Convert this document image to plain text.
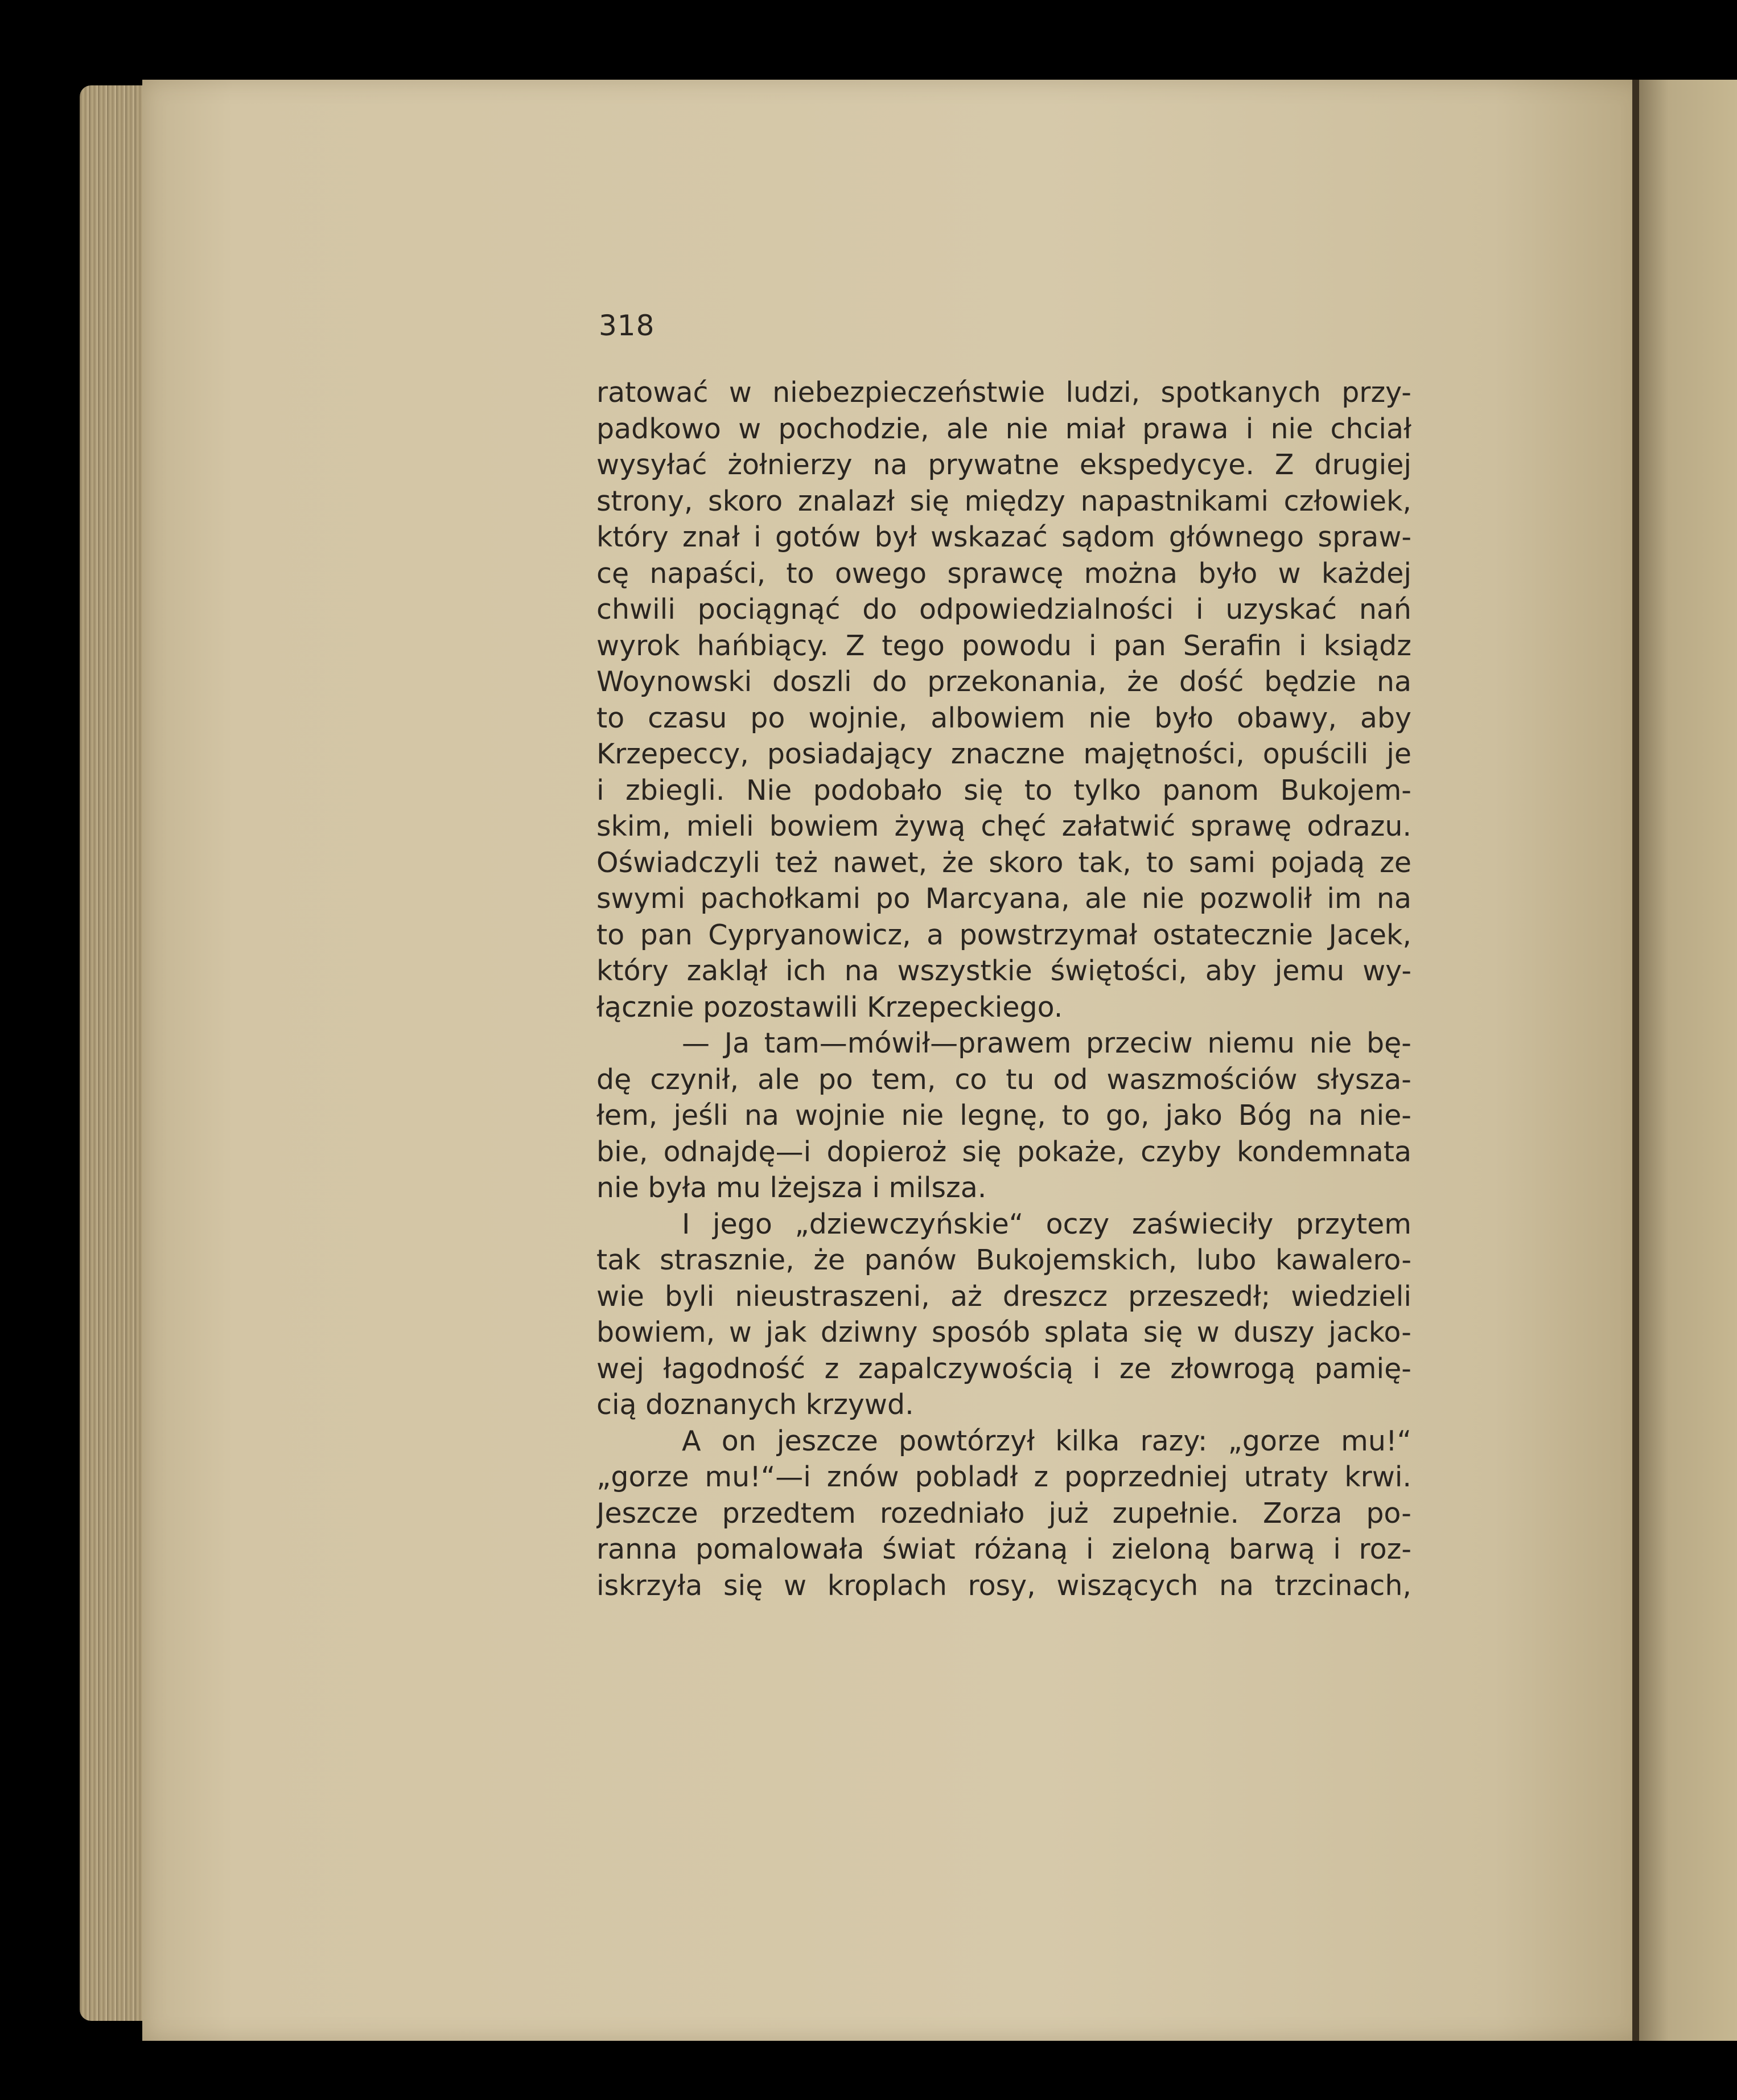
318
ratować w niebezpieczeństwie ludzi, spotkanych przy-
padkowo w pochodzie, ale nie miał prawa i nie chciał
wysyłać żołnierzy na prywatne ekspedycye. Z drugiej
strony, skoro znalazł się między napastnikami człowiek,
który znał i gotów był wskazać sądom głównego spraw-
cę napaści, to owego sprawcę można było w każdej
chwili pociągnąć do odpowiedzialności i uzyskać nań
wyrok hańbiący. Z tego powodu i pan Serafin i ksiądz
Woynowski doszli do przekonania, że dość będzie na
to czasu po wojnie, albowiem nie było obawy, aby
Krzepeccy, posiadający znaczne majętności, opuścili je
i zbiegli. Nie podobało się to tylko panom Bukojem-
skim, mieli bowiem żywą chęć załatwić sprawę odrazu.
Oświadczyli też nawet, że skoro tak, to sami pojadą ze
swymi pachołkami po Marcyana, ale nie pozwolił im na
to pan Cypryanowicz, a powstrzymał ostatecznie Jacek,
który zaklął ich na wszystkie świętości, aby jemu wy-
łącznie pozostawili Krzepeckiego.
— Ja tam—mówił—prawem przeciw niemu nie bę-
dę czynił, ale po tem, co tu od waszmościów słysza-
łem, jeśli na wojnie nie legnę, to go, jako Bóg na nie-
bie, odnajdę—i dopieroż się pokaże, czyby kondemnata
nie była mu lżejsza i milsza.
I jego „dziewczyńskie“ oczy zaświeciły przytem
tak strasznie, że panów Bukojemskich, lubo kawalero-
wie byli nieustraszeni, aż dreszcz przeszedł; wiedzieli
bowiem, w jak dziwny sposób splata się w duszy jacko-
wej łagodność z zapalczywością i ze złowrogą pamię-
cią doznanych krzywd.
A on jeszcze powtórzył kilka razy: „gorze mu!“
„gorze mu!“—i znów pobladł z poprzedniej utraty krwi.
Jeszcze przedtem rozedniało już zupełnie. Zorza po-
ranna pomalowała świat różaną i zieloną barwą i roz-
iskrzyła się w kroplach rosy, wiszących na trzcinach,
